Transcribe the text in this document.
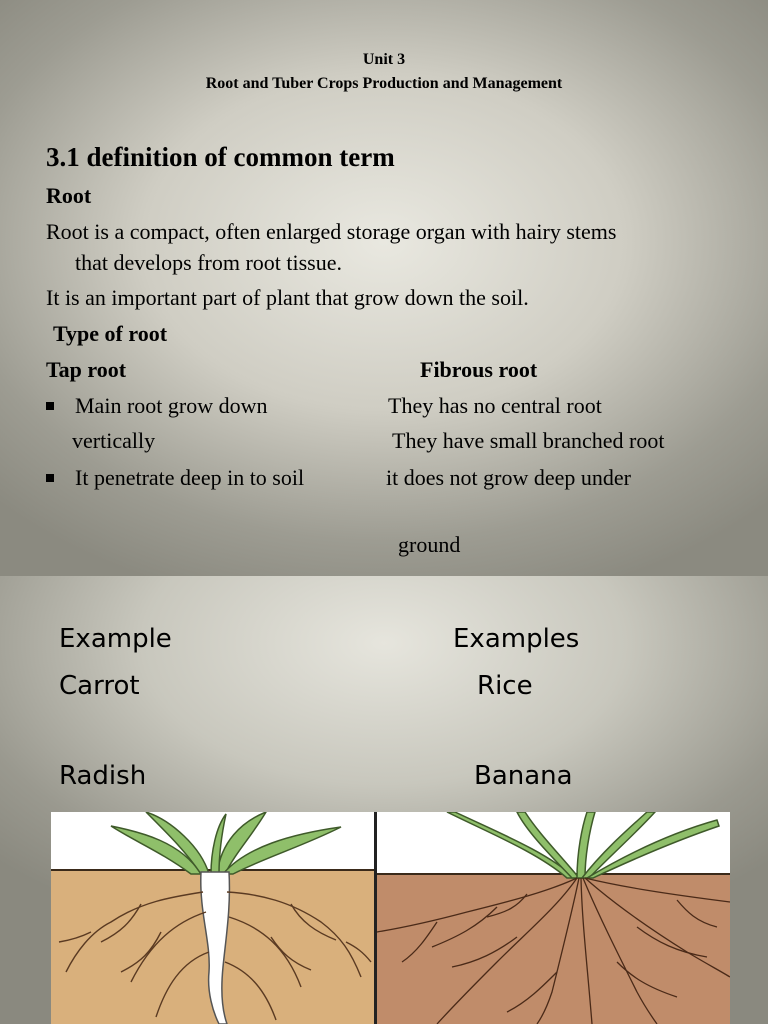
Unit 3
Root and Tuber Crops Production and Management
3.1 definition of common term
Root
Root is a compact, often enlarged storage organ with hairy stems
that develops from root tissue.
It is an important part of plant that grow down the soil.
Type of root
Tap root	Fibrous root
Main root grow down
vertically
It penetrate deep in to soil
They has no central root
They have small branched root
it does not grow deep under
ground
Example
Carrot
Radish
Examples
Rice
Banana
